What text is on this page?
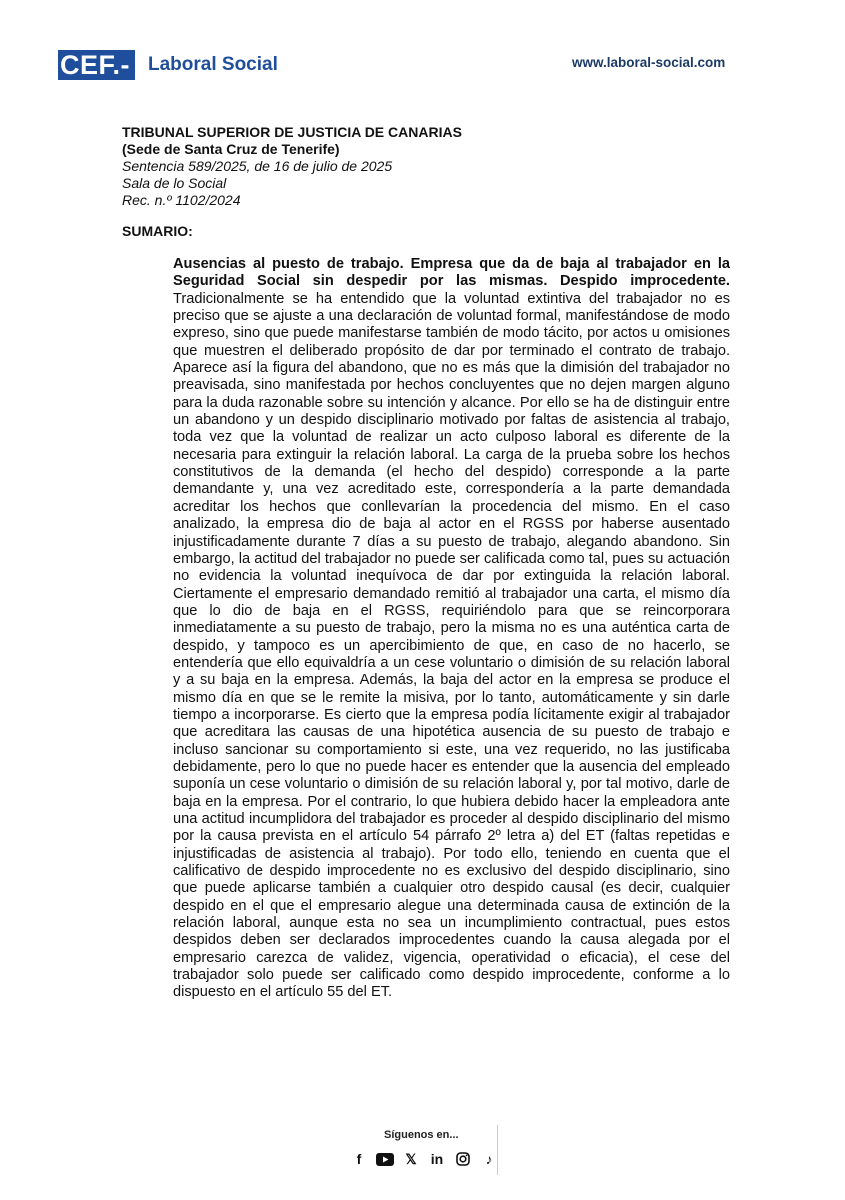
CEF.- Laboral Social	www.laboral-social.com
TRIBUNAL SUPERIOR DE JUSTICIA DE CANARIAS
(Sede de Santa Cruz de Tenerife)
Sentencia 589/2025, de 16 de julio de 2025
Sala de lo Social
Rec. n.º 1102/2024
SUMARIO:

Ausencias al puesto de trabajo. Empresa que da de baja al trabajador en la Seguridad Social sin despedir por las mismas. Despido improcedente. Tradicionalmente se ha entendido que la voluntad extintiva del trabajador no es preciso que se ajuste a una declaración de voluntad formal, manifestándose de modo expreso, sino que puede manifestarse también de modo tácito, por actos u omisiones que muestren el deliberado propósito de dar por terminado el contrato de trabajo. Aparece así la figura del abandono, que no es más que la dimisión del trabajador no preavisada, sino manifestada por hechos concluyentes que no dejen margen alguno para la duda razonable sobre su intención y alcance. Por ello se ha de distinguir entre un abandono y un despido disciplinario motivado por faltas de asistencia al trabajo, toda vez que la voluntad de realizar un acto culposo laboral es diferente de la necesaria para extinguir la relación laboral. La carga de la prueba sobre los hechos constitutivos de la demanda (el hecho del despido) corresponde a la parte demandante y, una vez acreditado este, correspondería a la parte demandada acreditar los hechos que conllevarían la procedencia del mismo. En el caso analizado, la empresa dio de baja al actor en el RGSS por haberse ausentado injustificadamente durante 7 días a su puesto de trabajo, alegando abandono. Sin embargo, la actitud del trabajador no puede ser calificada como tal, pues su actuación no evidencia la voluntad inequívoca de dar por extinguida la relación laboral. Ciertamente el empresario demandado remitió al trabajador una carta, el mismo día que lo dio de baja en el RGSS, requiriéndolo para que se reincorporara inmediatamente a su puesto de trabajo, pero la misma no es una auténtica carta de despido, y tampoco es un apercibimiento de que, en caso de no hacerlo, se entendería que ello equivaldría a un cese voluntario o dimisión de su relación laboral y a su baja en la empresa. Además, la baja del actor en la empresa se produce el mismo día en que se le remite la misiva, por lo tanto, automáticamente y sin darle tiempo a incorporarse. Es cierto que la empresa podía lícitamente exigir al trabajador que acreditara las causas de una hipotética ausencia de su puesto de trabajo e incluso sancionar su comportamiento si este, una vez requerido, no las justificaba debidamente, pero lo que no puede hacer es entender que la ausencia del empleado suponía un cese voluntario o dimisión de su relación laboral y, por tal motivo, darle de baja en la empresa. Por el contrario, lo que hubiera debido hacer la empleadora ante una actitud incumplidora del trabajador es proceder al despido disciplinario del mismo por la causa prevista en el artículo 54 párrafo 2º letra a) del ET (faltas repetidas e injustificadas de asistencia al trabajo). Por todo ello, teniendo en cuenta que el calificativo de despido improcedente no es exclusivo del despido disciplinario, sino que puede aplicarse también a cualquier otro despido causal (es decir, cualquier despido en el que el empresario alegue una determinada causa de extinción de la relación laboral, aunque esta no sea un incumplimiento contractual, pues estos despidos deben ser declarados improcedentes cuando la causa alegada por el empresario carezca de validez, vigencia, operatividad o eficacia), el cese del trabajador solo puede ser calificado como despido improcedente, conforme a lo dispuesto en el artículo 55 del ET.

Síguenos en...
f	𝕏 in	♪
